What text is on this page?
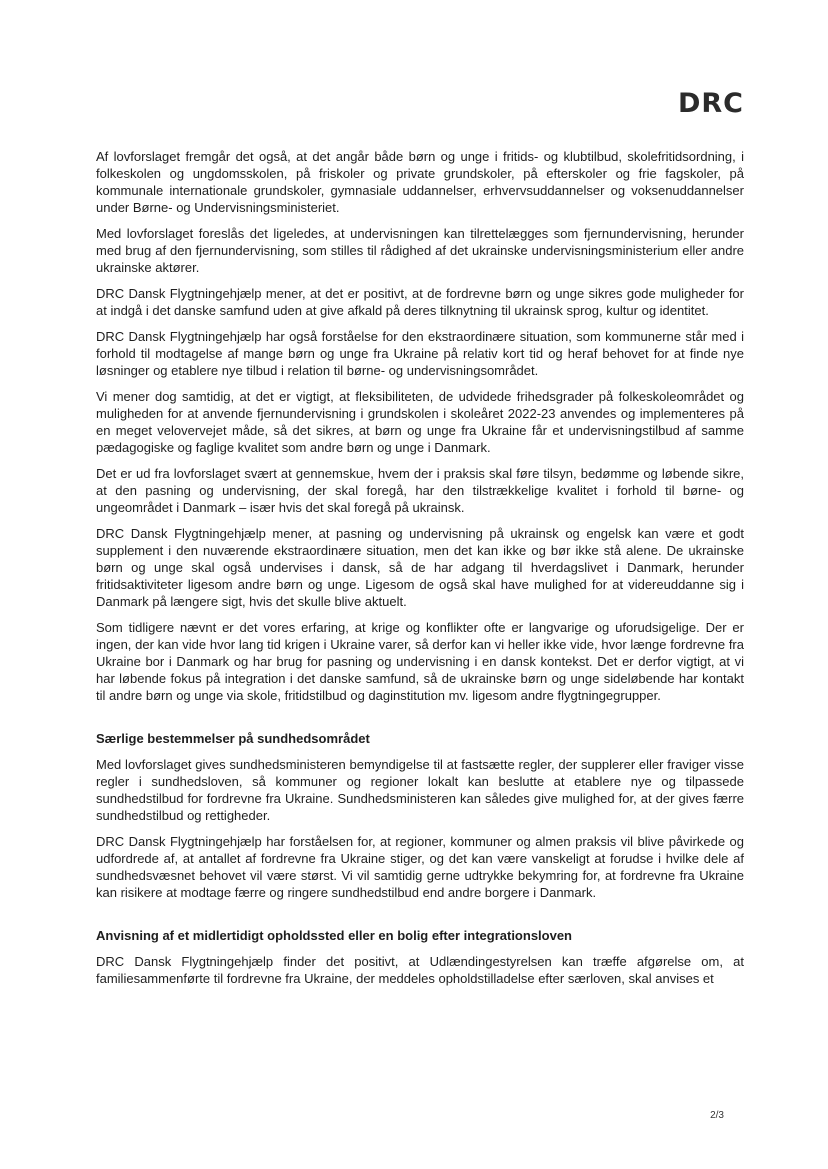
DRC

Af lovforslaget fremgår det også, at det angår både børn og unge i fritids- og klubtilbud, skolefritidsordning, i folkeskolen og ungdomsskolen, på friskoler og private grundskoler, på efterskoler og frie fagskoler, på kommunale internationale grundskoler, gymnasiale uddannelser, erhvervsuddannelser og voksenuddannelser under Børne- og Undervisningsministeriet.

Med lovforslaget foreslås det ligeledes, at undervisningen kan tilrettelægges som fjernundervisning, herunder med brug af den fjernundervisning, som stilles til rådighed af det ukrainske undervisningsministerium eller andre ukrainske aktører.

DRC Dansk Flygtningehjælp mener, at det er positivt, at de fordrevne børn og unge sikres gode muligheder for at indgå i det danske samfund uden at give afkald på deres tilknytning til ukrainsk sprog, kultur og identitet.

DRC Dansk Flygtningehjælp har også forståelse for den ekstraordinære situation, som kommunerne står med i forhold til modtagelse af mange børn og unge fra Ukraine på relativ kort tid og heraf behovet for at finde nye løsninger og etablere nye tilbud i relation til børne- og undervisningsområdet.

Vi mener dog samtidig, at det er vigtigt, at fleksibiliteten, de udvidede frihedsgrader på folkeskoleområdet og muligheden for at anvende fjernundervisning i grundskolen i skoleåret 2022-23 anvendes og implementeres på en meget velovervejet måde, så det sikres, at børn og unge fra Ukraine får et undervisningstilbud af samme pædagogiske og faglige kvalitet som andre børn og unge i Danmark.

Det er ud fra lovforslaget svært at gennemskue, hvem der i praksis skal føre tilsyn, bedømme og løbende sikre, at den pasning og undervisning, der skal foregå, har den tilstrækkelige kvalitet i forhold til børne- og ungeområdet i Danmark – især hvis det skal foregå på ukrainsk.

DRC Dansk Flygtningehjælp mener, at pasning og undervisning på ukrainsk og engelsk kan være et godt supplement i den nuværende ekstraordinære situation, men det kan ikke og bør ikke stå alene. De ukrainske børn og unge skal også undervises i dansk, så de har adgang til hverdagslivet i Danmark, herunder fritidsaktiviteter ligesom andre børn og unge. Ligesom de også skal have mulighed for at videreuddanne sig i Danmark på længere sigt, hvis det skulle blive aktuelt.

Som tidligere nævnt er det vores erfaring, at krige og konflikter ofte er langvarige og uforudsigelige. Der er ingen, der kan vide hvor lang tid krigen i Ukraine varer, så derfor kan vi heller ikke vide, hvor længe fordrevne fra Ukraine bor i Danmark og har brug for pasning og undervisning i en dansk kontekst. Det er derfor vigtigt, at vi har løbende fokus på integration i det danske samfund, så de ukrainske børn og unge sideløbende har kontakt til andre børn og unge via skole, fritidstilbud og daginstitution mv. ligesom andre flygtningegrupper.

Særlige bestemmelser på sundhedsområdet

Med lovforslaget gives sundhedsministeren bemyndigelse til at fastsætte regler, der supplerer eller fraviger visse regler i sundhedsloven, så kommuner og regioner lokalt kan beslutte at etablere nye og tilpassede sundhedstilbud for fordrevne fra Ukraine. Sundhedsministeren kan således give mulighed for, at der gives færre sundhedstilbud og rettigheder.

DRC Dansk Flygtningehjælp har forståelsen for, at regioner, kommuner og almen praksis vil blive påvirkede og udfordrede af, at antallet af fordrevne fra Ukraine stiger, og det kan være vanskeligt at forudse i hvilke dele af sundhedsvæsnet behovet vil være størst. Vi vil samtidig gerne udtrykke bekymring for, at fordrevne fra Ukraine kan risikere at modtage færre og ringere sundhedstilbud end andre borgere i Danmark.

Anvisning af et midlertidigt opholdssted eller en bolig efter integrationsloven

DRC Dansk Flygtningehjælp finder det positivt, at Udlændingestyrelsen kan træffe afgørelse om, at familiesammenførte til fordrevne fra Ukraine, der meddeles opholdstilladelse efter særloven, skal anvises et

2/3
